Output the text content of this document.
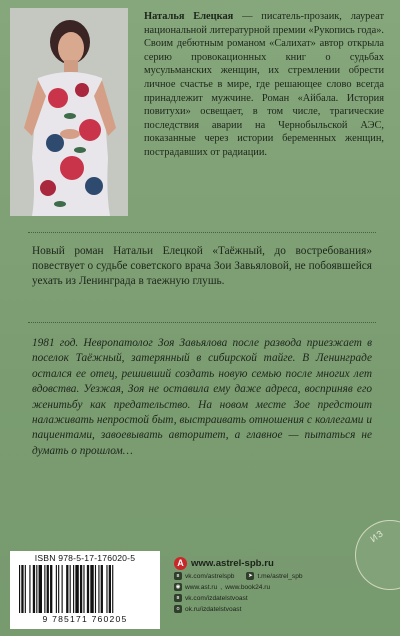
Наталья Елецкая — писатель-прозаик, лауреат национальной литературной премии «Рукопись года». Своим дебютным романом «Салихат» автор открыла серию провокационных книг о судьбах мусульманских женщин, их стремлении обрести личное счастье в мире, где решающее слово всегда принадлежит мужчине. Роман «Айбала. История повитухи» освещает, в том числе, трагические последствия аварии на Чернобыльской АЭС, показанные через истории беременных женщин, пострадавших от радиации.

Новый роман Натальи Елецкой «Таёжный, до востребования» повествует о судьбе советского врача Зои Завьяловой, не побоявшейся уехать из Ленинграда в таежную глушь.

1981 год. Невропатолог Зоя Завьялова после развода приезжает в поселок Таёжный, затерянный в сибирской тайге. В Ленинграде остался ее отец, решивший создать новую семью после многих лет вдовства. Уезжая, Зоя не оставила ему даже адреса, восприняв его женитьбу как предательство. На новом месте Зое предстоит налаживать непростой быт, выстраивать отношения с коллегами и пациентами, завоевывать авторитет, а главное — пытаться не думать о прошлом…

ISBN 978-5-17-176020-5
9 785171 760205
A www.astrel-spb.ru
в vk.com/astrelspb	➤ t.me/astrel_spb
◉ www.ast.ru , www.book24.ru
в vk.com/izdatelstvoast
о ok.ru/izdatelstvoast
ИЗ
